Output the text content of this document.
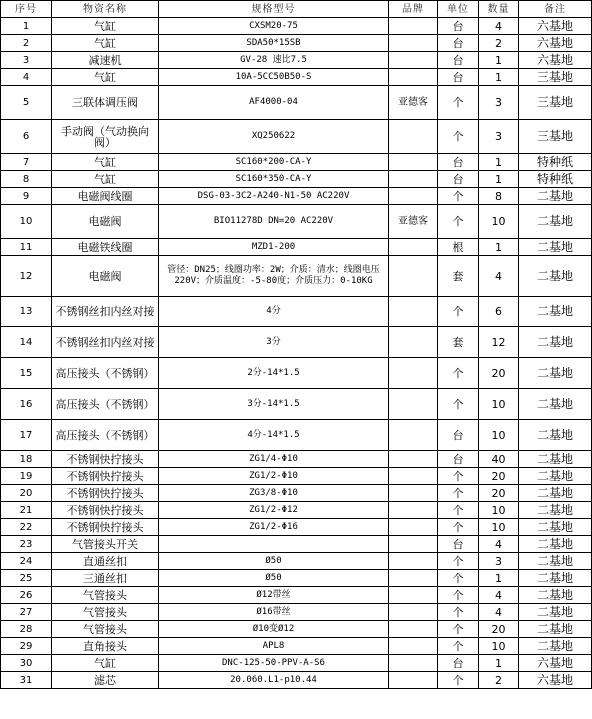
序号	物资名称	规格型号	品牌	单位	数量	备注
1	气缸	CXSM20-75		台	4	六基地
2	气缸	SDA50*15SB		台	2	六基地
3	减速机	GV-28 速比7.5		台	1	六基地
4	气缸	10A-5CC50B50-S		台	1	三基地
5	三联体调压阀	AF4000-04	亚德客	个	3	三基地
6	手动阀（气动换向阀）	XQ250622		个	3	三基地
7	气缸	SC160*200-CA-Y		台	1	特种纸
8	气缸	SC160*350-CA-Y		台	1	特种纸
9	电磁阀线圈	DSG-03-3C2-A240-N1-50 AC220V		个	8	二基地
10	电磁阀	BIO11278D DN=20 AC220V	亚德客	个	10	二基地
11	电磁铁线圈	MZD1-200		根	1	二基地
12	电磁阀	管径：DN25；线圈功率：2W；介质：清水；线圈电压220V；介质温度：-5-80度；介质压力：0-10KG		套	4	二基地
13	不锈钢丝扣内丝对接	4分		个	6	二基地
14	不锈钢丝扣内丝对接	3分		套	12	二基地
15	高压接头（不锈钢）	2分-14*1.5		个	20	二基地
16	高压接头（不锈钢）	3分-14*1.5		个	10	二基地
17	高压接头（不锈钢）	4分-14*1.5		台	10	二基地
18	不锈钢快拧接头	ZG1/4-Φ10		台	40	二基地
19	不锈钢快拧接头	ZG1/2-Φ10		个	20	二基地
20	不锈钢快拧接头	ZG3/8-Φ10		个	20	二基地
21	不锈钢快拧接头	ZG1/2-Φ12		个	10	二基地
22	不锈钢快拧接头	ZG1/2-Φ16		个	10	二基地
23	气管接头开关			台	4	二基地
24	直通丝扣	Ø50		个	3	二基地
25	三通丝扣	Ø50		个	1	二基地
26	气管接头	Ø12带丝		个	4	二基地
27	气管接头	Ø16带丝		个	4	二基地
28	气管接头	Ø10变Ø12		个	20	二基地
29	直角接头	APL8		个	10	二基地
30	气缸	DNC-125-50-PPV-A-S6		台	1	六基地
31	滤芯	20.060.L1-p10.44		个	2	六基地
